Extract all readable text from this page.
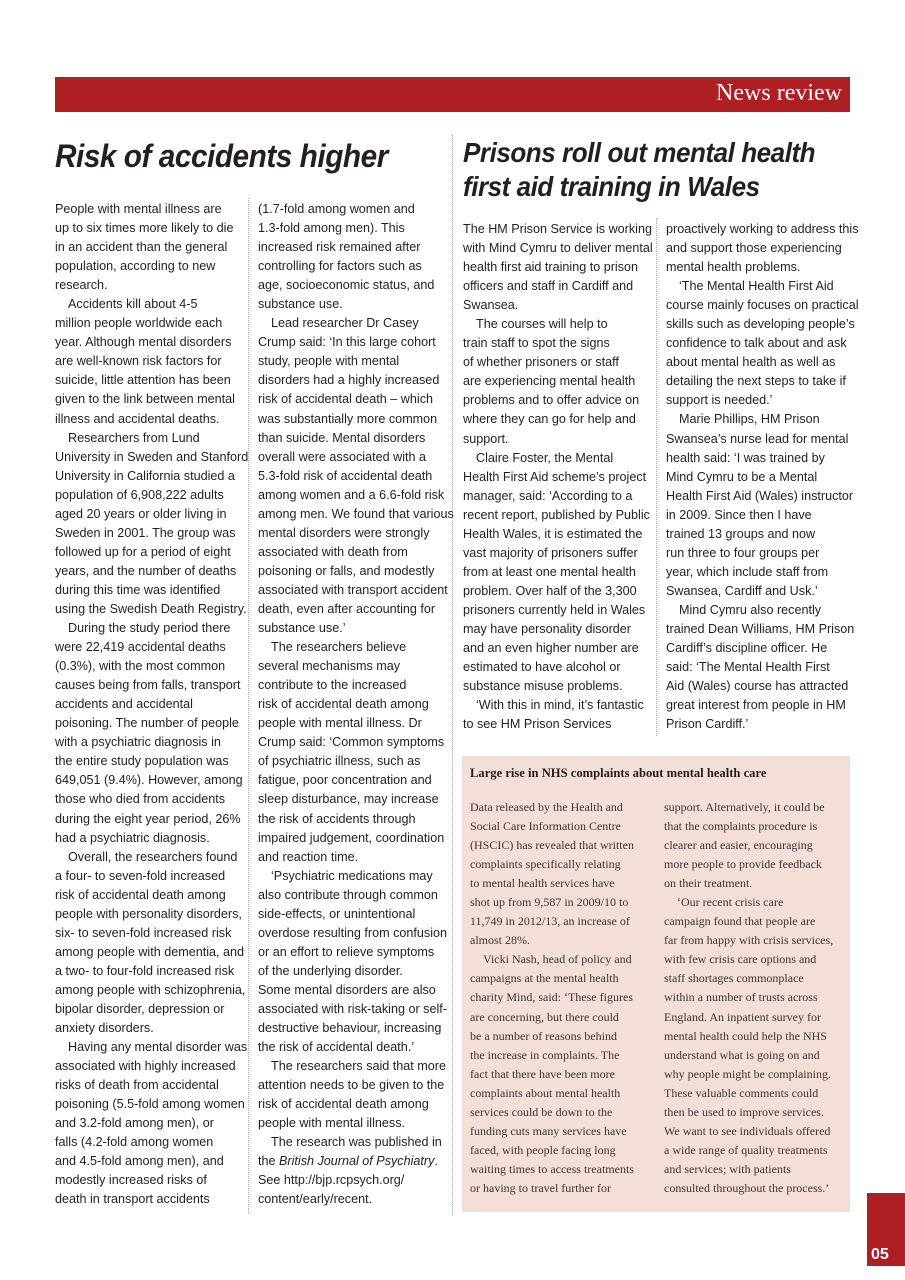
News review
Risk of accidents higher	Prisons roll out mental health first aid training in Wales
People with mental illness are
up to six times more likely to die
in an accident than the general
population, according to new
research.
Accidents kill about 4-5
million people worldwide each
year. Although mental disorders
are well-known risk factors for
suicide, little attention has been
given to the link between mental
illness and accidental deaths.
Researchers from Lund
University in Sweden and Stanford
University in California studied a
population of 6,908,222 adults
aged 20 years or older living in
Sweden in 2001. The group was
followed up for a period of eight
years, and the number of deaths
during this time was identified
using the Swedish Death Registry.
During the study period there
were 22,419 accidental deaths
(0.3%), with the most common
causes being from falls, transport
accidents and accidental
poisoning. The number of people
with a psychiatric diagnosis in
the entire study population was
649,051 (9.4%). However, among
those who died from accidents
during the eight year period, 26%
had a psychiatric diagnosis.
Overall, the researchers found
a four- to seven-fold increased
risk of accidental death among
people with personality disorders,
six- to seven-fold increased risk
among people with dementia, and
a two- to four-fold increased risk
among people with schizophrenia,
bipolar disorder, depression or
anxiety disorders.
Having any mental disorder was
associated with highly increased
risks of death from accidental
poisoning (5.5-fold among women
and 3.2-fold among men), or
falls (4.2-fold among women
and 4.5-fold among men), and
modestly increased risks of
death in transport accidents
(1.7-fold among women and
1.3-fold among men). This
increased risk remained after
controlling for factors such as
age, socioeconomic status, and
substance use.
Lead researcher Dr Casey
Crump said: ‘In this large cohort
study, people with mental
disorders had a highly increased
risk of accidental death – which
was substantially more common
than suicide. Mental disorders
overall were associated with a
5.3-fold risk of accidental death
among women and a 6.6-fold risk
among men. We found that various
mental disorders were strongly
associated with death from
poisoning or falls, and modestly
associated with transport accident
death, even after accounting for
substance use.’
The researchers believe
several mechanisms may
contribute to the increased
risk of accidental death among
people with mental illness. Dr
Crump said: ‘Common symptoms
of psychiatric illness, such as
fatigue, poor concentration and
sleep disturbance, may increase
the risk of accidents through
impaired judgement, coordination
and reaction time.
‘Psychiatric medications may
also contribute through common
side-effects, or unintentional
overdose resulting from confusion
or an effort to relieve symptoms
of the underlying disorder.
Some mental disorders are also
associated with risk-taking or self-
destructive behaviour, increasing
the risk of accidental death.’
The researchers said that more
attention needs to be given to the
risk of accidental death among
people with mental illness.
The research was published in
the British Journal of Psychiatry.
See http://bjp.rcpsych.org/
content/early/recent.
The HM Prison Service is working
with Mind Cymru to deliver mental
health first aid training to prison
officers and staff in Cardiff and
Swansea.
The courses will help to
train staff to spot the signs
of whether prisoners or staff
are experiencing mental health
problems and to offer advice on
where they can go for help and
support.
Claire Foster, the Mental
Health First Aid scheme’s project
manager, said: ‘According to a
recent report, published by Public
Health Wales, it is estimated the
vast majority of prisoners suffer
from at least one mental health
problem. Over half of the 3,300
prisoners currently held in Wales
may have personality disorder
and an even higher number are
estimated to have alcohol or
substance misuse problems.
‘With this in mind, it’s fantastic
to see HM Prison Services
proactively working to address this
and support those experiencing
mental health problems.
‘The Mental Health First Aid
course mainly focuses on practical
skills such as developing people’s
confidence to talk about and ask
about mental health as well as
detailing the next steps to take if
support is needed.’
Marie Phillips, HM Prison
Swansea’s nurse lead for mental
health said: ‘I was trained by
Mind Cymru to be a Mental
Health First Aid (Wales) instructor
in 2009. Since then I have
trained 13 groups and now
run three to four groups per
year, which include staff from
Swansea, Cardiff and Usk.’
Mind Cymru also recently
trained Dean Williams, HM Prison
Cardiff’s discipline officer. He
said: ‘The Mental Health First
Aid (Wales) course has attracted
great interest from people in HM
Prison Cardiff.’
Large rise in NHS complaints about mental health care
Data released by the Health and
Social Care Information Centre
(HSCIC) has revealed that written
complaints specifically relating
to mental health services have
shot up from 9,587 in 2009/10 to
11,749 in 2012/13, an increase of
almost 28%.
Vicki Nash, head of policy and
campaigns at the mental health
charity Mind, said: ‘These figures
are concerning, but there could
be a number of reasons behind
the increase in complaints. The
fact that there have been more
complaints about mental health
services could be down to the
funding cuts many services have
faced, with people facing long
waiting times to access treatments
or having to travel further for
support. Alternatively, it could be
that the complaints procedure is
clearer and easier, encouraging
more people to provide feedback
on their treatment.
‘Our recent crisis care
campaign found that people are
far from happy with crisis services,
with few crisis care options and
staff shortages commonplace
within a number of trusts across
England. An inpatient survey for
mental health could help the NHS
understand what is going on and
why people might be complaining.
These valuable comments could
then be used to improve services.
We want to see individuals offered
a wide range of quality treatments
and services; with patients
consulted throughout the process.’
05
